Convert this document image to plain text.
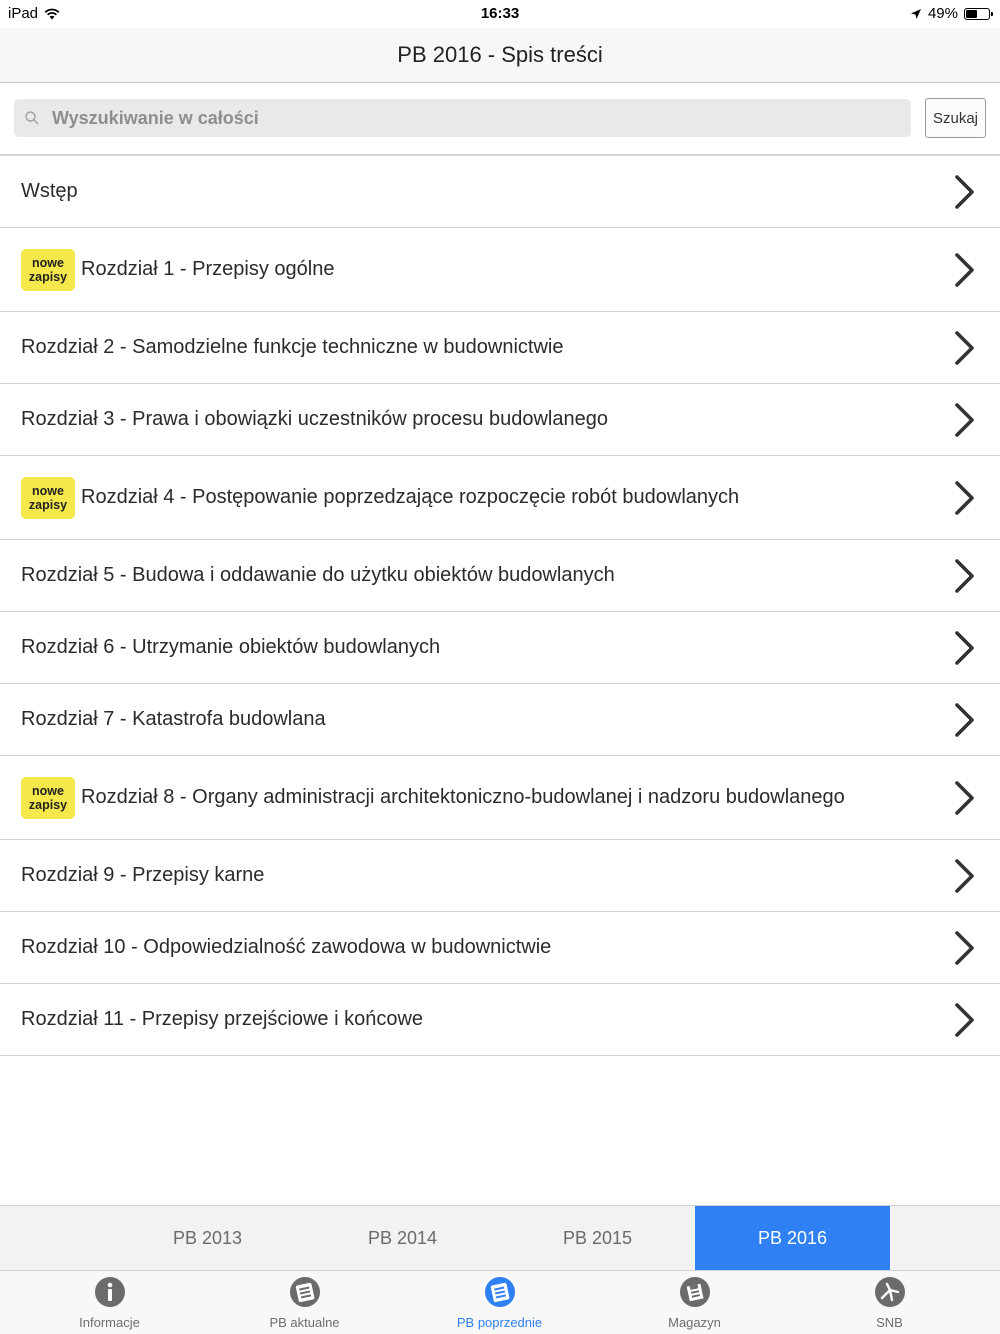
iPad	16:33	49%
PB 2016 - Spis treści
Wyszukiwanie w całości
Szukaj
Wstęp
nowe
zapisy Rozdział 1 - Przepisy ogólne
Rozdział 2 - Samodzielne funkcje techniczne w budownictwie
Rozdział 3 - Prawa i obowiązki uczestników procesu budowlanego
nowe
zapisy Rozdział 4 - Postępowanie poprzedzające rozpoczęcie robót budowlanych
Rozdział 5 - Budowa i oddawanie do użytku obiektów budowlanych
Rozdział 6 - Utrzymanie obiektów budowlanych
Rozdział 7 - Katastrofa budowlana
nowe
zapisy Rozdział 8 - Organy administracji architektoniczno-budowlanej i nadzoru budowlanego
Rozdział 9 - Przepisy karne
Rozdział 10 - Odpowiedzialność zawodowa w budownictwie
Rozdział 11 - Przepisy przejściowe i końcowe
PB 2013	PB 2014	PB 2015	PB 2016
Informacje	PB aktualne	PB poprzednie	Magazyn	SNB
